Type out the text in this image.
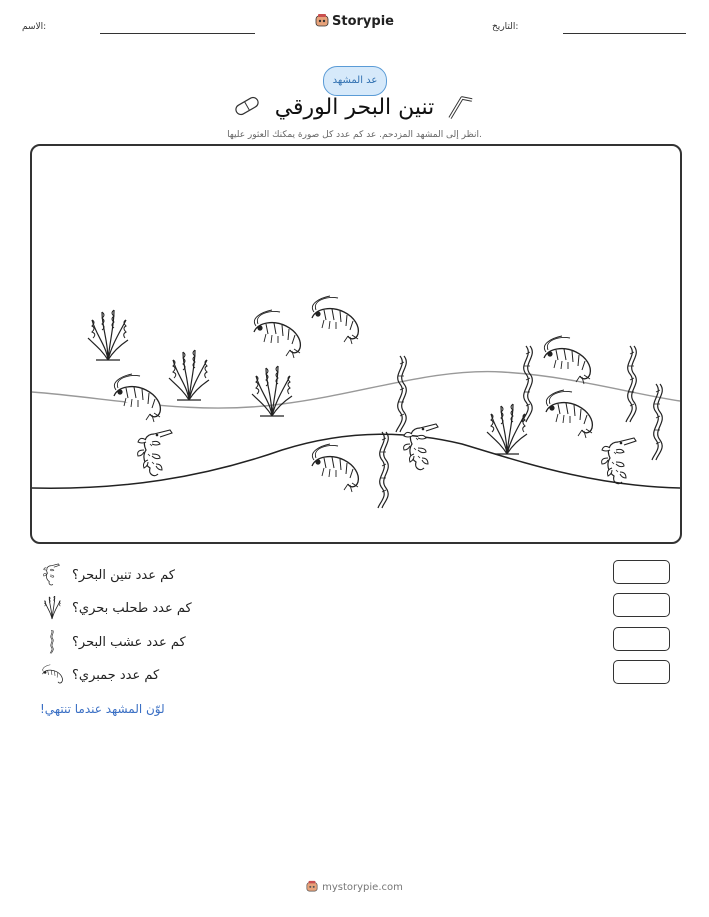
الاسم:	Storypie	التاريخ:
عد المشهد
تنين البحر الورقي
انظر إلى المشهد المزدحم. عد كم عدد كل صورة يمكنك العثور عليها.
كم عدد تنين البحر؟
كم عدد طحلب بحري؟
كم عدد عشب البحر؟
كم عدد جمبري؟
لوّن المشهد عندما تنتهي!
mystorypie.com
